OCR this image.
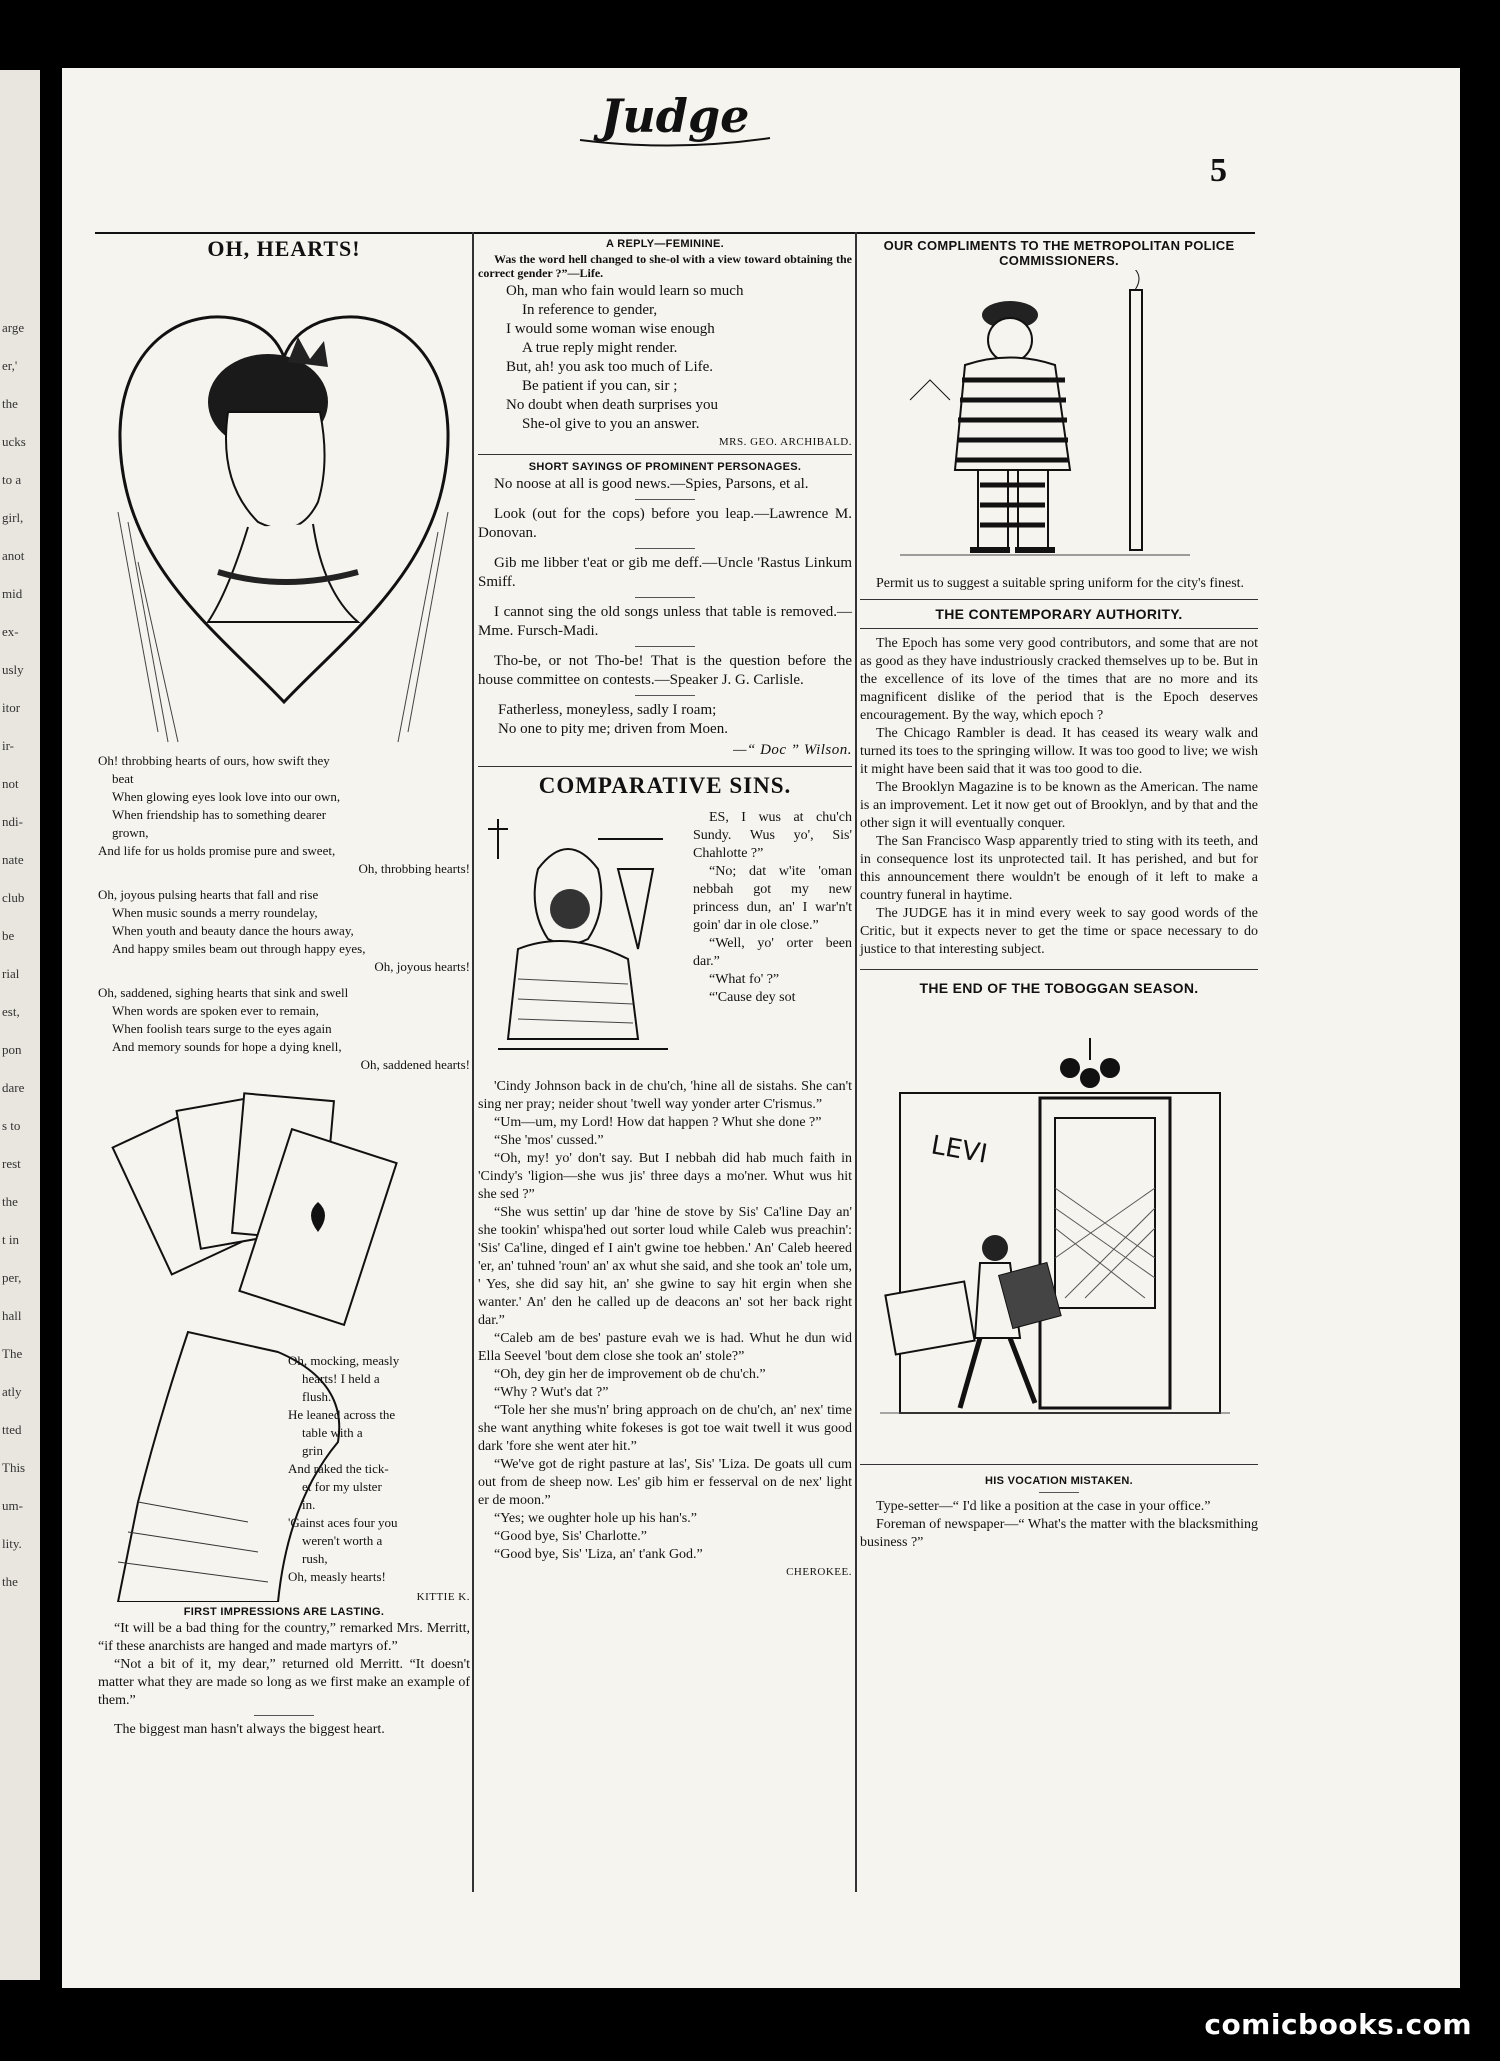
arge
er,'
the
ucks
to a
girl,
anot
mid
ex-
usly
itor
ir-
not
ndi-
nate
club
be
rial
est,
pon
dare
s to
rest
the
t in
per,
hall
The
atly
tted
This
um-
lity.
the
Judge
5
OH, HEARTS!
Oh! throbbing hearts of ours, how swift they
beat
When glowing eyes look love into our own,
When friendship has to something dearer
grown,
And life for us holds promise pure and sweet,
Oh, throbbing hearts!
Oh, joyous pulsing hearts that fall and rise
When music sounds a merry roundelay,
When youth and beauty dance the hours away,
And happy smiles beam out through happy eyes,
Oh, joyous hearts!
Oh, saddened, sighing hearts that sink and swell
When words are spoken ever to remain,
When foolish tears surge to the eyes again
And memory sounds for hope a dying knell,
Oh, saddened hearts!
Oh, mocking, measly
hearts! I held a
flush.
He leaned across the
table with a
grin
And raked the tick-
et for my ulster
in.
'Gainst aces four you
weren't worth a
rush,
Oh, measly hearts!
KITTIE K.
FIRST IMPRESSIONS ARE LASTING.

“It will be a bad thing for the country,” remarked Mrs. Merritt, “if these anarchists are hanged and made martyrs of.”

“Not a bit of it, my dear,” returned old Merritt. “It doesn't matter what they are made so long as we first make an example of them.”

The biggest man hasn't always the biggest heart.

A REPLY—FEMININE.

Was the word hell changed to she-ol with a view toward obtaining the correct gender ?”—Life.

Oh, man who fain would learn so much
In reference to gender,
I would some woman wise enough
A true reply might render.
But, ah! you ask too much of Life.
Be patient if you can, sir ;
No doubt when death surprises you
She-ol give to you an answer.
MRS. GEO. ARCHIBALD.
SHORT SAYINGS OF PROMINENT PERSONAGES.

No noose at all is good news.—Spies, Parsons, et al.

Look (out for the cops) before you leap.—Lawrence M. Donovan.

Gib me libber t'eat or gib me deff.—Uncle 'Rastus Linkum Smiff.

I cannot sing the old songs unless that table is removed.—Mme. Fursch-Madi.

Tho-be, or not Tho-be! That is the question before the house committee on contests.—Speaker J. G. Carlisle.

Fatherless, moneyless, sadly I roam;
No one to pity me; driven from Moen.
—“ Doc ” Wilson.
COMPARATIVE SINS.

ES, I wus at chu'ch Sundy. Wus yo', Sis' Chahlotte ?”

“No; dat w'ite 'oman nebbah got my new princess dun, an' I war'n't goin' dar in ole close.”

“Well, yo' orter been dar.”

“What fo' ?”

“'Cause dey sot

'Cindy Johnson back in de chu'ch, 'hine all de sistahs. She can't sing ner pray; neider shout 'twell way yonder arter C'rismus.”

“Um—um, my Lord! How dat happen ? Whut she done ?”

“She 'mos' cussed.”

“Oh, my! yo' don't say. But I nebbah did hab much faith in 'Cindy's 'ligion—she wus jis' three days a mo'ner. Whut wus hit she sed ?”

“She wus settin' up dar 'hine de stove by Sis' Ca'line Day an' she tookin' whispa'hed out sorter loud while Caleb wus preachin': 'Sis' Ca'line, dinged ef I ain't gwine toe hebben.' An' Caleb heered 'er, an' tuhned 'roun' an' ax whut she said, and she took an' tole um, ' Yes, she did say hit, an' she gwine to say hit ergin when she wanter.' An' den he called up de deacons an' sot her back right dar.”

“Caleb am de bes' pasture evah we is had. Whut he dun wid Ella Seevel 'bout dem close she took an' stole?”

“Oh, dey gin her de improvement ob de chu'ch.”

“Why ? Wut's dat ?”

“Tole her she mus'n' bring approach on de chu'ch, an' nex' time she want anything white fokeses is got toe wait twell it wus good dark 'fore she went ater hit.”

“We've got de right pasture at las', Sis' 'Liza. De goats ull cum out from de sheep now. Les' gib him er fesserval on de nex' light er de moon.”

“Yes; we oughter hole up his han's.”

“Good bye, Sis' Charlotte.”

“Good bye, Sis' 'Liza, an' t'ank God.”

CHEROKEE.
OUR COMPLIMENTS TO THE METROPOLITAN POLICE COMMISSIONERS.

Permit us to suggest a suitable spring uniform for the city's finest.

THE CONTEMPORARY AUTHORITY.

The Epoch has some very good contributors, and some that are not as good as they have industriously cracked themselves up to be. But in the excellence of its love of the times that are no more and its magnificent dislike of the period that is the Epoch deserves encouragement. By the way, which epoch ?

The Chicago Rambler is dead. It has ceased its weary walk and turned its toes to the springing willow. It was too good to live; we wish it might have been said that it was too good to die.

The Brooklyn Magazine is to be known as the American. The name is an improvement. Let it now get out of Brooklyn, and by that and the other sign it will eventually conquer.

The San Francisco Wasp apparently tried to sting with its teeth, and in consequence lost its unprotected tail. It has perished, and but for this announcement there wouldn't be enough of it left to make a country funeral in haytime.

The JUDGE has it in mind every week to say good words of the Critic, but it expects never to get the time or space necessary to do justice to that interesting subject.

THE END OF THE TOBOGGAN SEASON.
LEVI
HIS VOCATION MISTAKEN.

Type-setter—“ I'd like a position at the case in your office.”

Foreman of newspaper—“ What's the matter with the blacksmithing business ?”

comicbooks.com
